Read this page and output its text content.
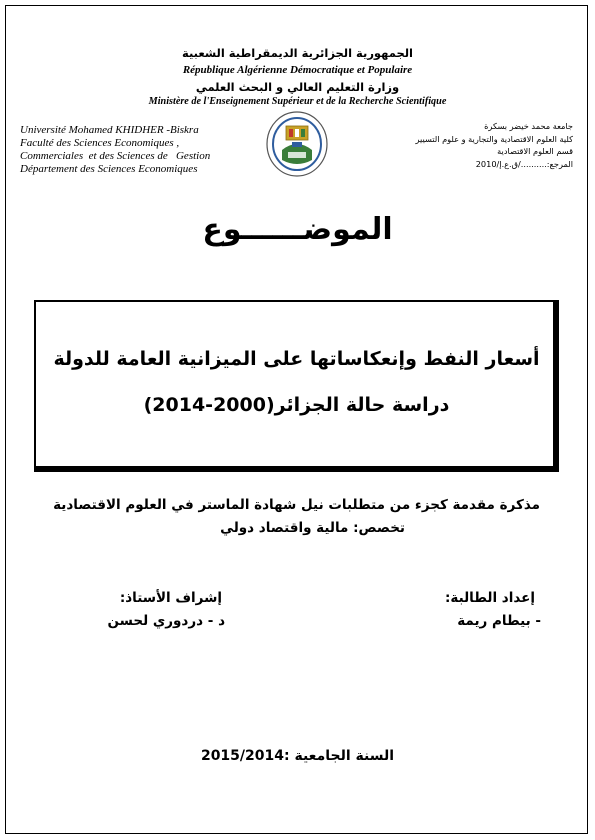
الجمهورية الجزائرية الديمقراطية الشعبية
République Algérienne Démocratique et Populaire
وزارة التعليم العالي و البحث العلمي
Ministère de l'Enseignement Supérieur et de la Recherche Scientifique
Université Mohamed KHIDHER -Biskra
Faculté des Sciences Economiques ,
Commerciales  et des Sciences de   Gestion
Département des Sciences Economiques
جامعة محمد خيضر بسكرة
كلية العلوم الاقتصادية والتجارية و علوم التسيير
قسم العلوم الاقتصادية
المرجع:........../ق.ع.إ/2010
الموضــــــوع
أسعار النفط وإنعكاساتها على الميزانية العامة للدولة
دراسة حالة الجزائر(2000-2014)
مذكرة مقدمة كجزء من متطلبات نيل شهادة الماستر في العلوم الاقتصادية
تخصص: مالية واقتصاد دولي
إعداد الطالبة:
- بيطام ريمة
إشراف الأستاذ:
د - دردوري لحسن
السنة الجامعية :2015/2014
